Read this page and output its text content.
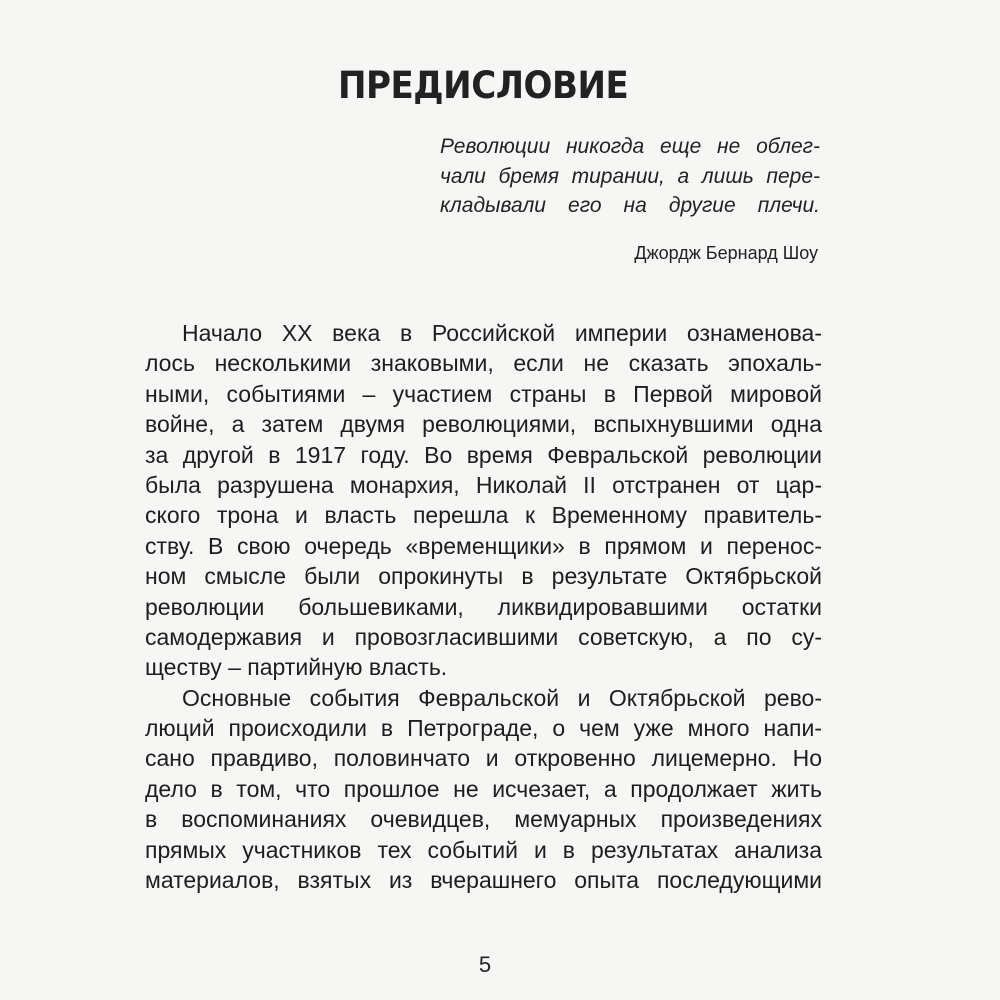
ПРЕДИСЛОВИЕ
Революции никогда еще не облег-
чали бремя тирании, а лишь пере-
кладывали его на другие плечи.
Джордж Бернард Шоу
Начало XX века в Российской империи ознаменова-
лось несколькими знаковыми, если не сказать эпохаль-
ными, событиями – участием страны в Первой мировой
войне, а затем двумя революциями, вспыхнувшими одна
за другой в 1917 году. Во время Февральской революции
была разрушена монархия, Николай II отстранен от цар-
ского трона и власть перешла к Временному правитель-
ству. В свою очередь «временщики» в прямом и перенос-
ном смысле были опрокинуты в результате Октябрьской
революции большевиками, ликвидировавшими остатки
самодержавия и провозгласившими советскую, а по су-
ществу – партийную власть.
Основные события Февральской и Октябрьской рево-
люций происходили в Петрограде, о чем уже много напи-
сано правдиво, половинчато и откровенно лицемерно. Но
дело в том, что прошлое не исчезает, а продолжает жить
в воспоминаниях очевидцев, мемуарных произведениях
прямых участников тех событий и в результатах анализа
материалов, взятых из вчерашнего опыта последующими
5
